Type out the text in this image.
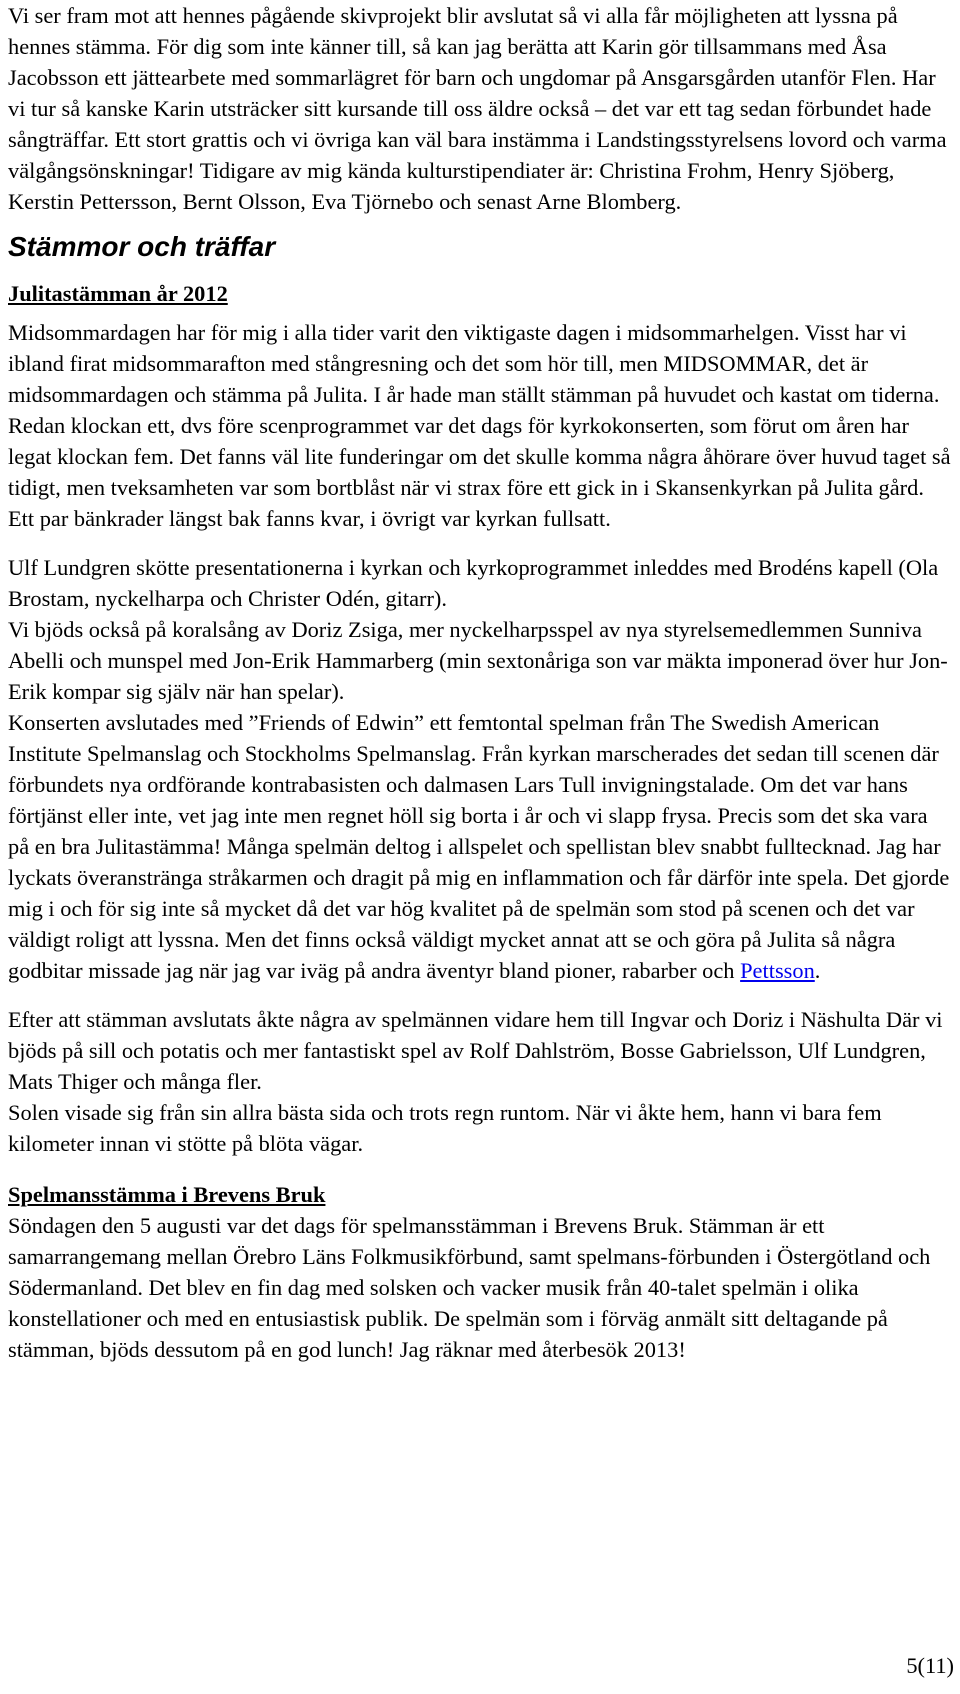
Vi ser fram mot att hennes pågående skivprojekt blir avslutat så vi alla får möjligheten att lyssna på hennes stämma. För dig som inte känner till, så kan jag berätta att Karin gör tillsammans med Åsa Jacobsson ett jättearbete med sommarlägret för barn och ungdomar på Ansgarsgården utanför Flen. Har vi tur så kanske Karin utsträcker sitt kursande till oss äldre också – det var ett tag sedan förbundet hade sångträffar. Ett stort grattis och vi övriga kan väl bara instämma i Landstingsstyrelsens lovord och varma välgångsönskningar! Tidigare av mig kända kulturstipendiater är: Christina Frohm, Henry Sjöberg, Kerstin Pettersson, Bernt Olsson, Eva Tjörnebo och senast Arne Blomberg.

Stämmor och träffar
Julitastämman år 2012

Midsommardagen har för mig i alla tider varit den viktigaste dagen i midsommarhelgen. Visst har vi ibland firat midsommarafton med stångresning och det som hör till, men MIDSOMMAR, det är midsommardagen och stämma på Julita. I år hade man ställt stämman på huvudet och kastat om tiderna. Redan klockan ett, dvs före scenprogrammet var det dags för kyrkokonserten, som förut om åren har legat klockan fem. Det fanns väl lite funderingar om det skulle komma några åhörare över huvud taget så tidigt, men tveksamheten var som bortblåst när vi strax före ett gick in i Skansenkyrkan på Julita gård. Ett par bänkrader längst bak fanns kvar, i övrigt var kyrkan fullsatt.

Ulf Lundgren skötte presentationerna i kyrkan och kyrkoprogrammet inleddes med Brodéns kapell (Ola Brostam, nyckelharpa och Christer Odén, gitarr).

Vi bjöds också på koralsång av Doriz Zsiga, mer nyckelharpsspel av nya styrelsemedlemmen Sunniva Abelli och munspel med Jon-Erik Hammarberg (min sextonåriga son var mäkta imponerad över hur Jon-Erik kompar sig själv när han spelar).

Konserten avslutades med ”Friends of Edwin” ett femtontal spelman från The Swedish American Institute Spelmanslag och Stockholms Spelmanslag. Från kyrkan marscherades det sedan till scenen där förbundets nya ordförande kontrabasisten och dalmasen Lars Tull invigningstalade. Om det var hans förtjänst eller inte, vet jag inte men regnet höll sig borta i år och vi slapp frysa. Precis som det ska vara på en bra Julitastämma! Många spelmän deltog i allspelet och spellistan blev snabbt fulltecknad. Jag har lyckats överanstränga stråkarmen och dragit på mig en inflammation och får därför inte spela. Det gjorde mig i och för sig inte så mycket då det var hög kvalitet på de spelmän som stod på scenen och det var väldigt roligt att lyssna. Men det finns också väldigt mycket annat att se och göra på Julita så några godbitar missade jag när jag var iväg på andra äventyr bland pioner, rabarber och Pettsson.

Efter att stämman avslutats åkte några av spelmännen vidare hem till Ingvar och Doriz i Näshulta Där vi bjöds på sill och potatis och mer fantastiskt spel av Rolf Dahlström, Bosse Gabrielsson, Ulf Lundgren, Mats Thiger och många fler.

Solen visade sig från sin allra bästa sida och trots regn runtom. När vi åkte hem, hann vi bara fem kilometer innan vi stötte på blöta vägar.

Spelmansstämma i Brevens Bruk

Söndagen den 5 augusti var det dags för spelmansstämman i Brevens Bruk. Stämman är ett samarrangemang mellan Örebro Läns Folkmusikförbund, samt spelmans-förbunden i Östergötland och Södermanland. Det blev en fin dag med solsken och vacker musik från 40-talet spelmän i olika konstellationer och med en entusiastisk publik. De spelmän som i förväg anmält sitt deltagande på stämman, bjöds dessutom på en god lunch! Jag räknar med återbesök 2013!

5(11)
